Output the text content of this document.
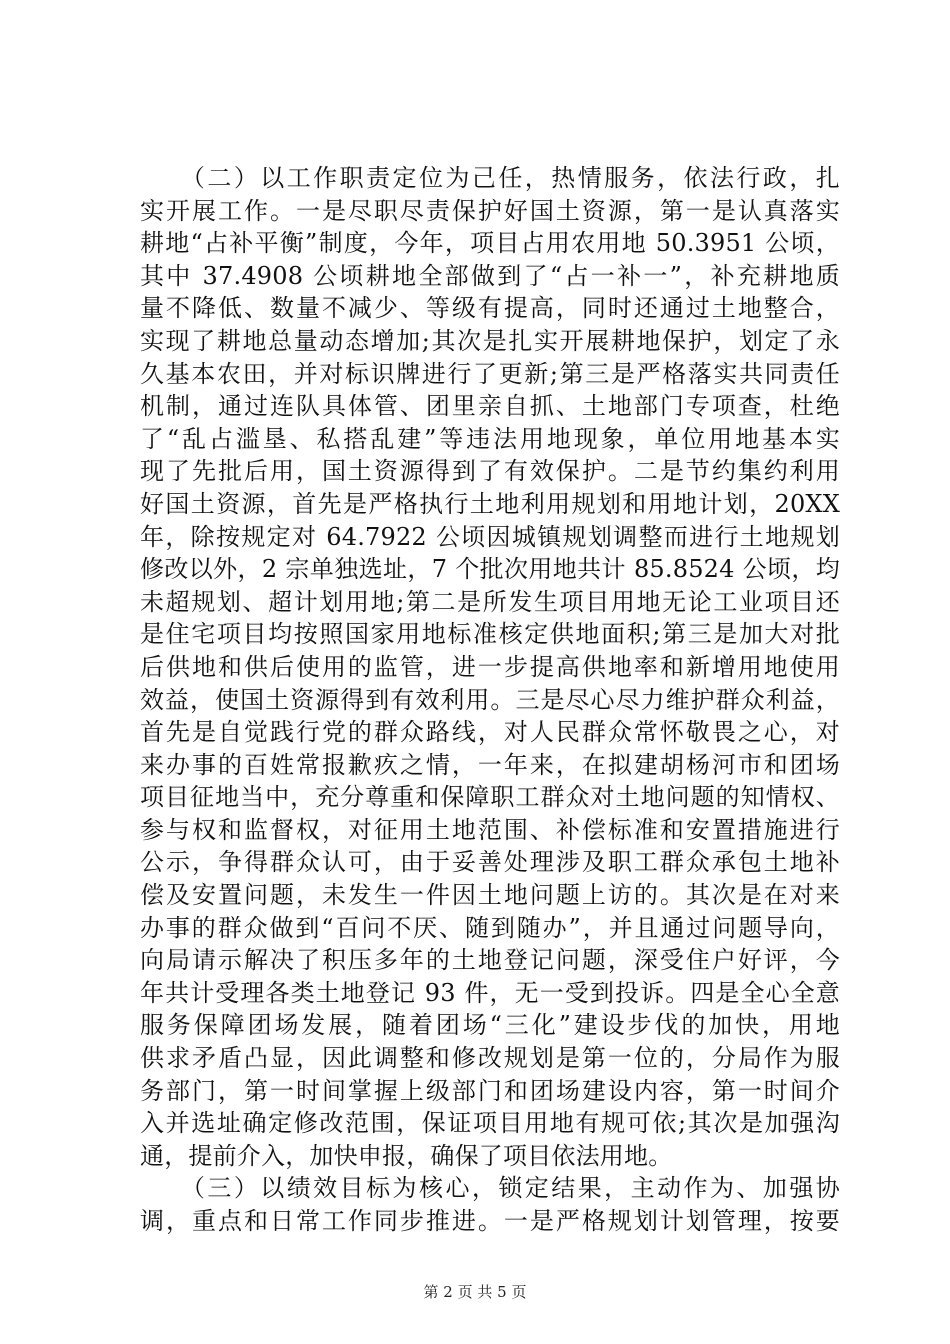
　　（二）以工作职责定位为己任，热情服务，依法行政，扎
实开展工作。一是尽职尽责保护好国土资源，第一是认真落实
耕地“占补平衡”制度，今年，项目占用农用地 50.3951 公顷，
其中 37.4908 公顷耕地全部做到了“占一补一”，补充耕地质
量不降低、数量不减少、等级有提高，同时还通过土地整合，
实现了耕地总量动态增加;其次是扎实开展耕地保护，划定了永
久基本农田，并对标识牌进行了更新;第三是严格落实共同责任
机制，通过连队具体管、团里亲自抓、土地部门专项查，杜绝
了“乱占滥垦、私搭乱建”等违法用地现象，单位用地基本实
现了先批后用，国土资源得到了有效保护。二是节约集约利用
好国土资源，首先是严格执行土地利用规划和用地计划，20XX
年，除按规定对 64.7922 公顷因城镇规划调整而进行土地规划
修改以外，2 宗单独选址，7 个批次用地共计 85.8524 公顷，均
未超规划、超计划用地;第二是所发生项目用地无论工业项目还
是住宅项目均按照国家用地标准核定供地面积;第三是加大对批
后供地和供后使用的监管，进一步提高供地率和新增用地使用
效益，使国土资源得到有效利用。三是尽心尽力维护群众利益，
首先是自觉践行党的群众路线，对人民群众常怀敬畏之心，对
来办事的百姓常报歉疚之情，一年来，在拟建胡杨河市和团场
项目征地当中，充分尊重和保障职工群众对土地问题的知情权、
参与权和监督权，对征用土地范围、补偿标准和安置措施进行
公示，争得群众认可，由于妥善处理涉及职工群众承包土地补
偿及安置问题，未发生一件因土地问题上访的。其次是在对来
办事的群众做到“百问不厌、随到随办”，并且通过问题导向，
向局请示解决了积压多年的土地登记问题，深受住户好评，今
年共计受理各类土地登记 93 件，无一受到投诉。四是全心全意
服务保障团场发展，随着团场“三化”建设步伐的加快，用地
供求矛盾凸显，因此调整和修改规划是第一位的，分局作为服
务部门，第一时间掌握上级部门和团场建设内容，第一时间介
入并选址确定修改范围，保证项目用地有规可依;其次是加强沟
通，提前介入，加快申报，确保了项目依法用地。
　　（三）以绩效目标为核心，锁定结果，主动作为、加强协
调，重点和日常工作同步推进。一是严格规划计划管理，按要
第 2 页 共 5 页
